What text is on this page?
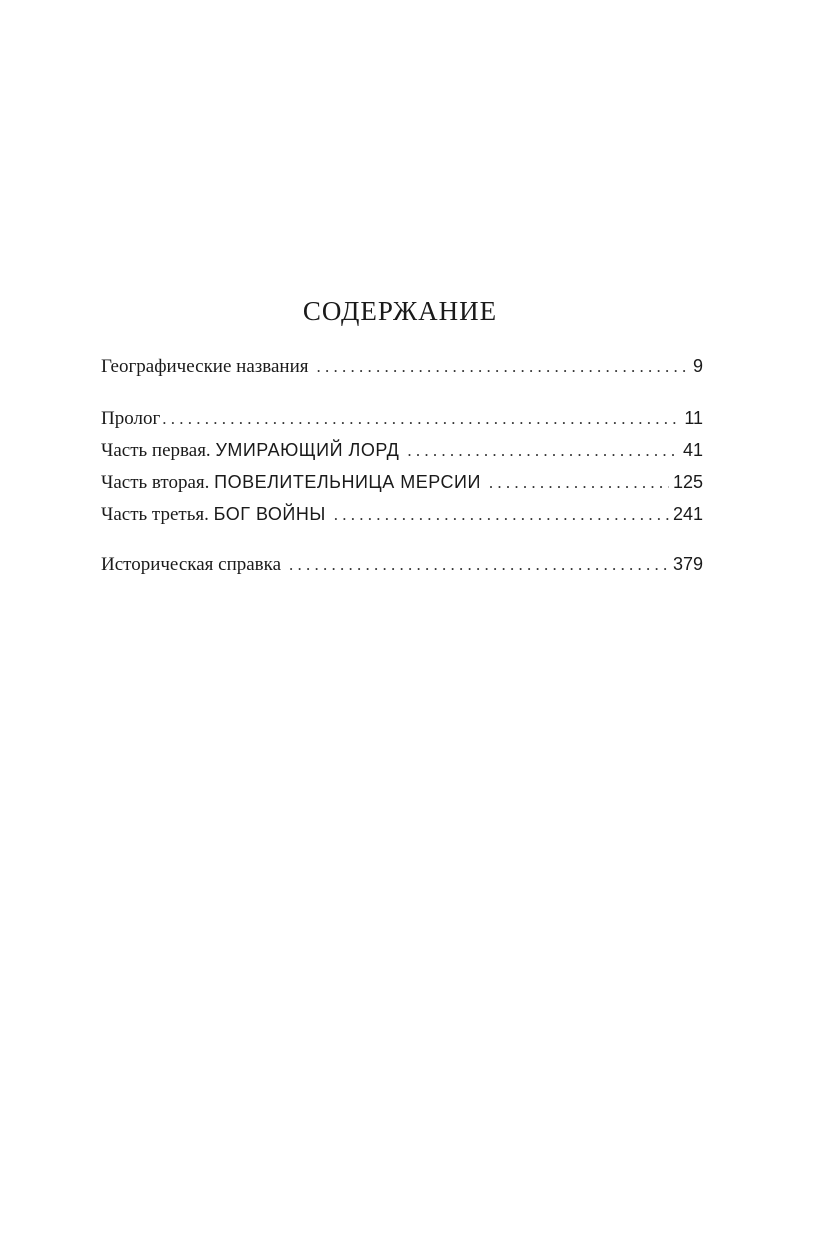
СОДЕРЖАНИЕ
Географические названия . . .	9
Пролог . . .	11
Часть первая. УМИРАЮЩИЙ ЛОРД . . .	41
Часть вторая. ПОВЕЛИТЕЛЬНИЦА МЕРСИИ . . .	125
Часть третья. БОГ ВОЙНЫ . . .	241
Историческая справка . . .	379
